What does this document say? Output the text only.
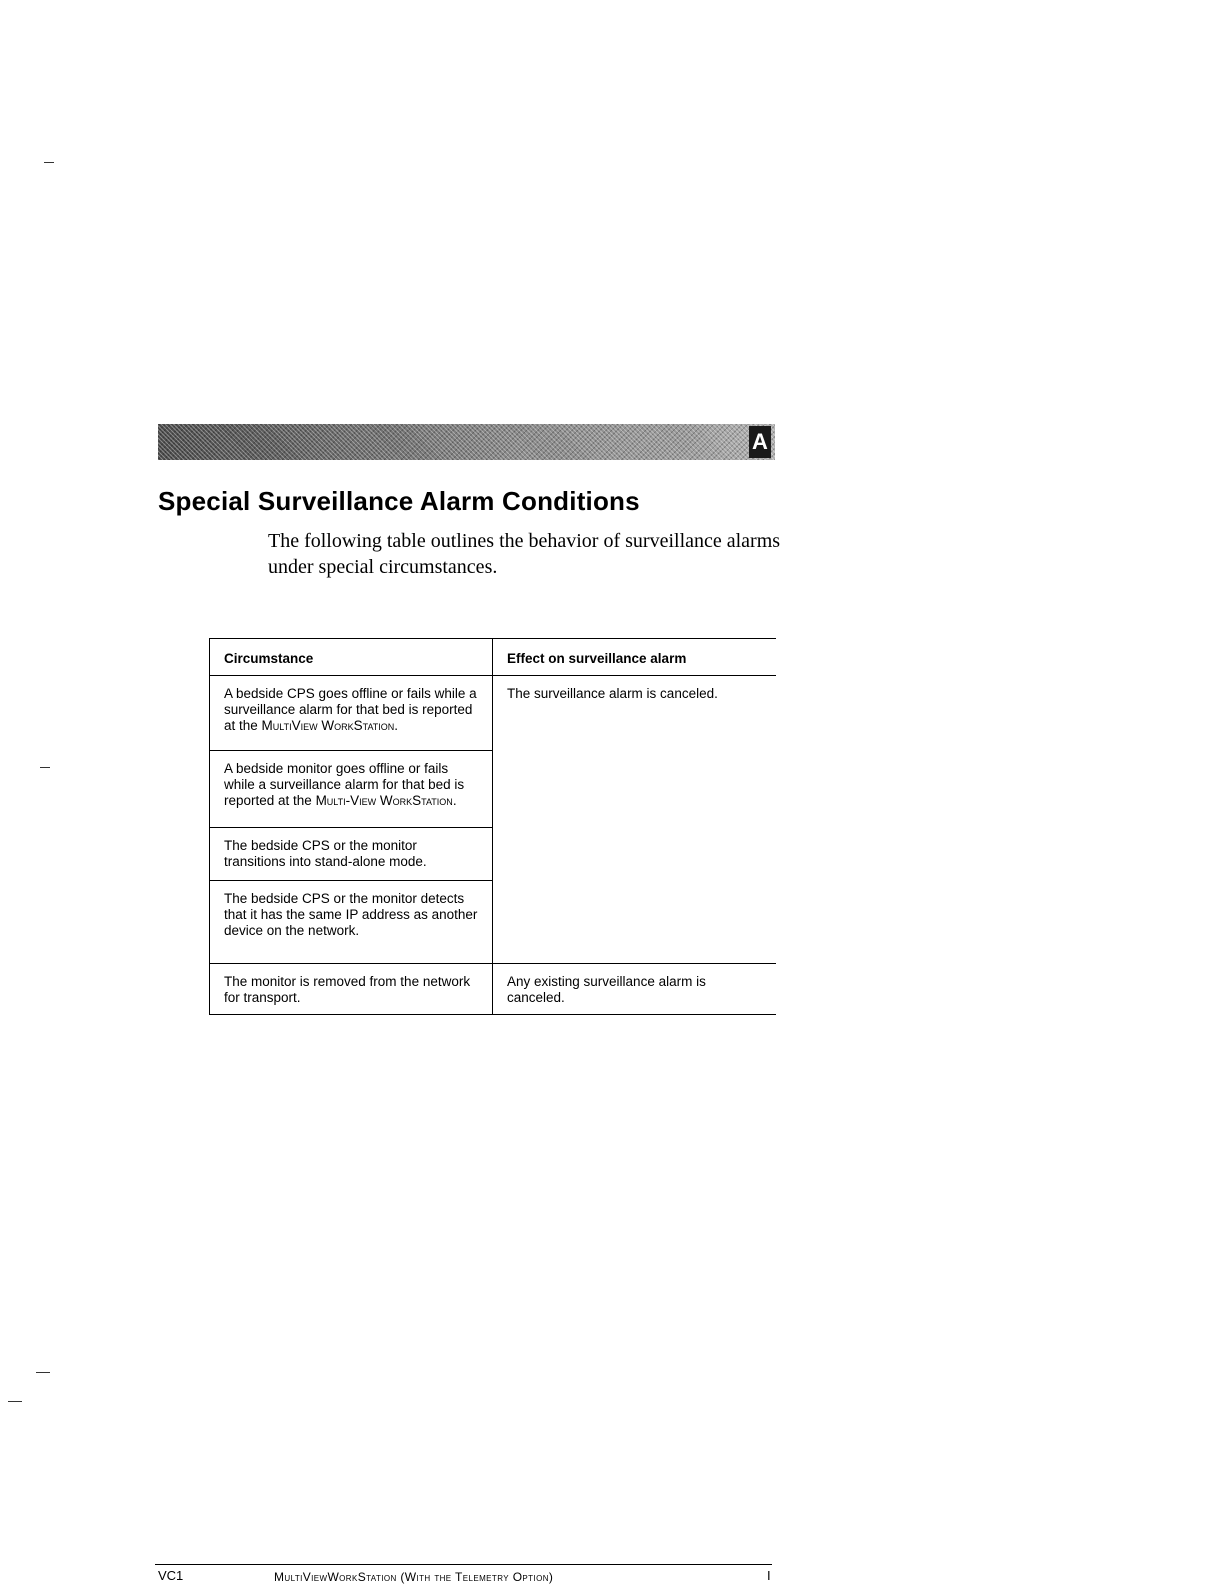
A
Special Surveillance Alarm Conditions

The following table outlines the behavior of surveillance alarms under special circumstances.

Circumstance	Effect on surveillance alarm
A bedside CPS goes offline or fails while a surveillance alarm for that bed is reported at the MultiView WorkStation.	The surveillance alarm is canceled.
A bedside monitor goes offline or fails while a surveillance alarm for that bed is reported at the Multi-View WorkStation.	
The bedside CPS or the monitor transitions into stand-alone mode.	
The bedside CPS or the monitor detects that it has the same IP address as another device on the network.	
The monitor is removed from the network for transport.	Any existing surveillance alarm is canceled.
VC1	MultiViewWorkStation (With the Telemetry Option)	I
